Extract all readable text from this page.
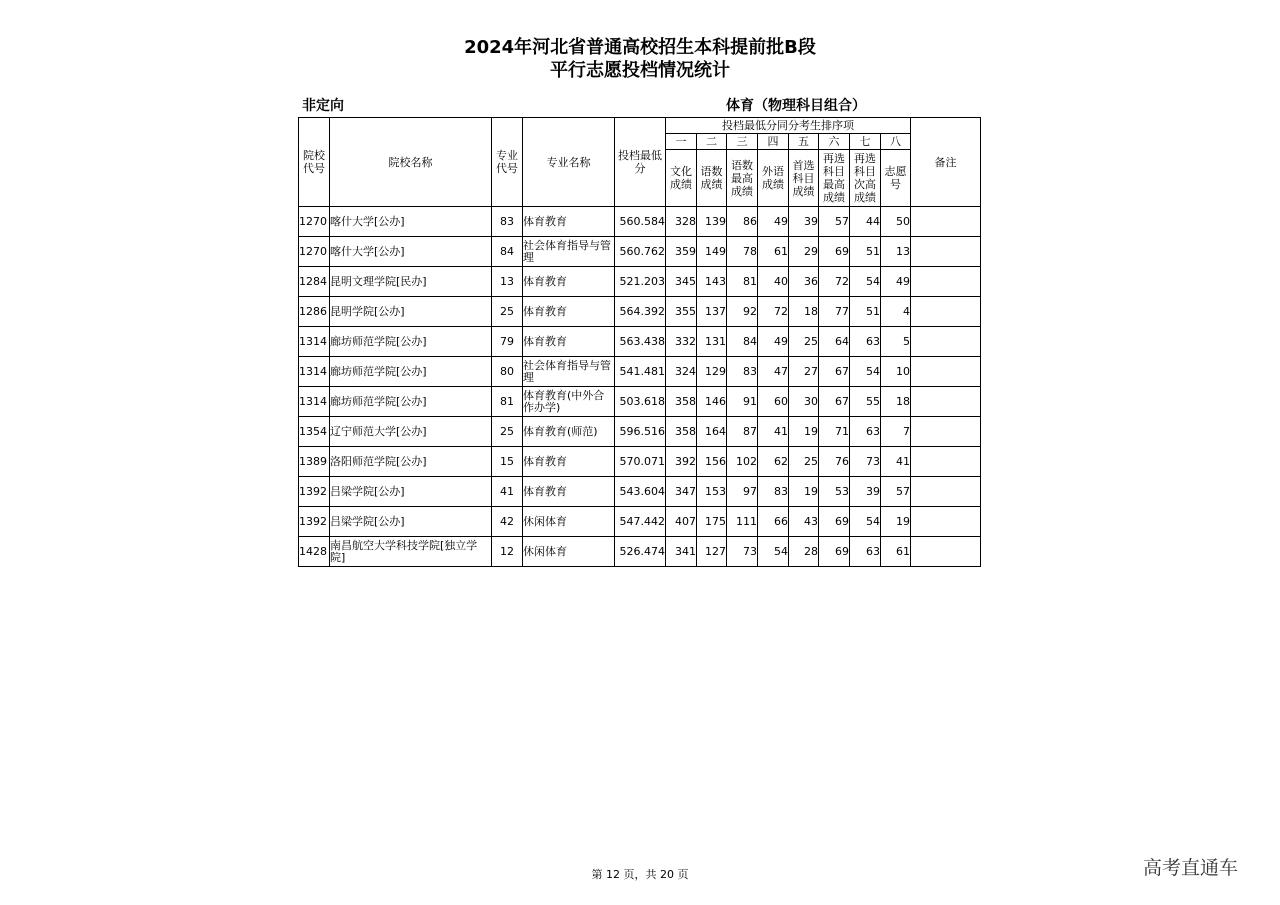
2024年河北省普通高校招生本科提前批B段
平行志愿投档情况统计
非定向	体育（物理科目组合）
院校代号	院校名称	专业代号	专业名称	投档最低分	投档最低分同分考生排序项								备注
					一	二	三	四	五	六	七	八	
					文化成绩	语数成绩	语数最高成绩	外语成绩	首选科目成绩	再选科目最高成绩	再选科目次高成绩	志愿号	
1270	喀什大学[公办]	83	体育教育	560.584	328	139	86	49	39	57	44	50	
1270	喀什大学[公办]	84	社会体育指导与管理	560.762	359	149	78	61	29	69	51	13	
1284	昆明文理学院[民办]	13	体育教育	521.203	345	143	81	40	36	72	54	49	
1286	昆明学院[公办]	25	体育教育	564.392	355	137	92	72	18	77	51	4	
1314	廊坊师范学院[公办]	79	体育教育	563.438	332	131	84	49	25	64	63	5	
1314	廊坊师范学院[公办]	80	社会体育指导与管理	541.481	324	129	83	47	27	67	54	10	
1314	廊坊师范学院[公办]	81	体育教育(中外合作办学)	503.618	358	146	91	60	30	67	55	18	
1354	辽宁师范大学[公办]	25	体育教育(师范)	596.516	358	164	87	41	19	71	63	7	
1389	洛阳师范学院[公办]	15	体育教育	570.071	392	156	102	62	25	76	73	41	
1392	吕梁学院[公办]	41	体育教育	543.604	347	153	97	83	19	53	39	57	
1392	吕梁学院[公办]	42	休闲体育	547.442	407	175	111	66	43	69	54	19	
1428	南昌航空大学科技学院[独立学院]	12	休闲体育	526.474	341	127	73	54	28	69	63	61	
第 12 页，共 20 页	高考直通车
